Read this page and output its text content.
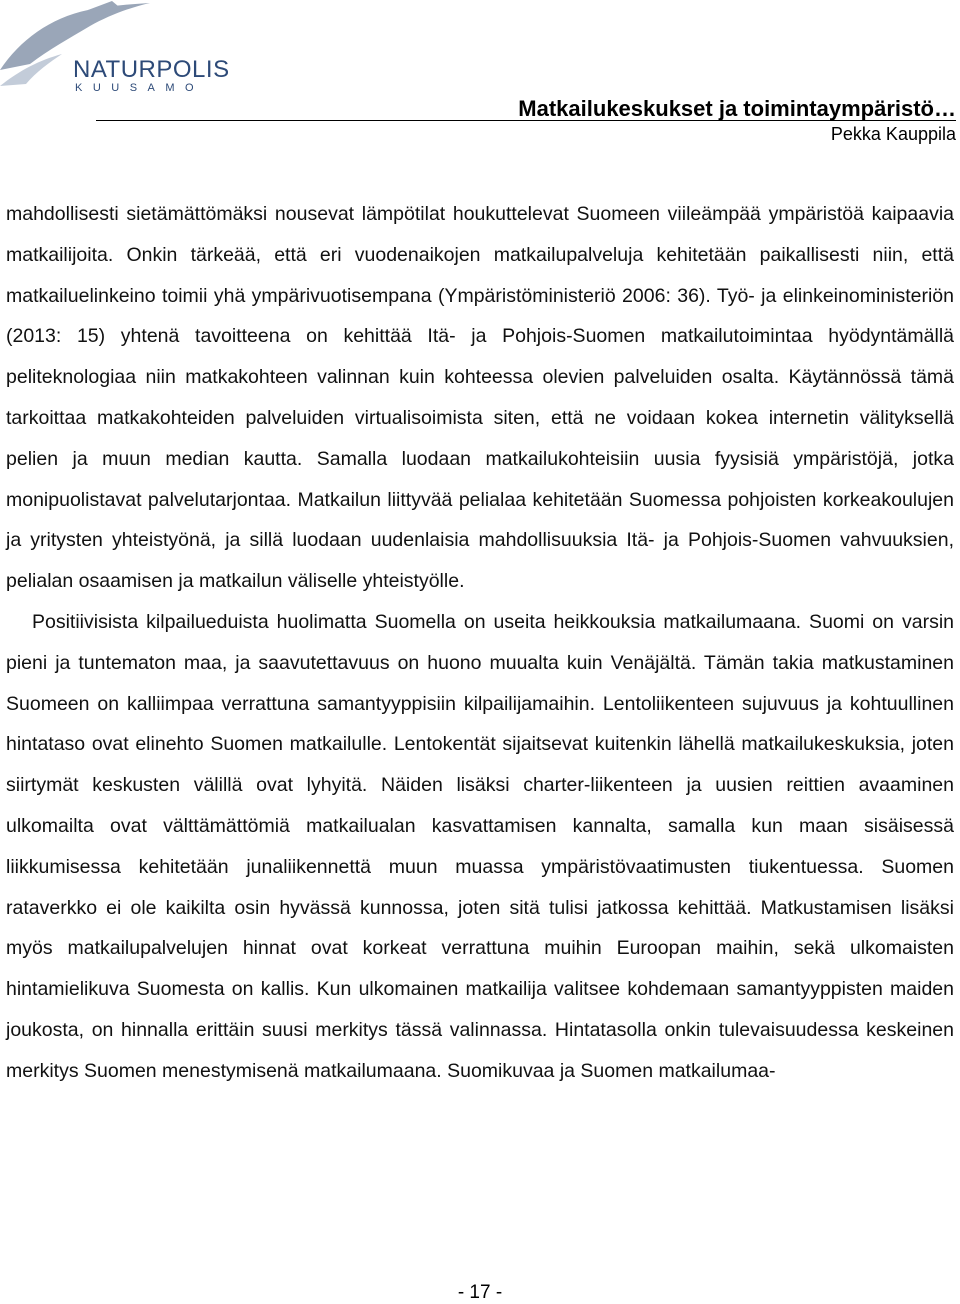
NATURPOLIS
KUUSAMO
Matkailukeskukset ja toimintaympäristö…
Pekka Kauppila

mahdollisesti sietämättömäksi nousevat lämpötilat houkuttelevat Suomeen viileämpää ympäristöä kaipaavia matkailijoita. Onkin tärkeää, että eri vuodenaikojen matkailupalveluja kehitetään paikallisesti niin, että matkailuelinkeino toimii yhä ympärivuotisempana (Ympäristöministeriö 2006: 36). Työ- ja elinkeinoministeriön (2013: 15) yhtenä tavoitteena on kehittää Itä- ja Pohjois-Suomen matkailutoimintaa hyödyntämällä peliteknologiaa niin matkakohteen valinnan kuin kohteessa olevien palveluiden osalta. Käytännössä tämä tarkoittaa matkakohteiden palveluiden virtualisoimista siten, että ne voidaan kokea internetin välityksellä pelien ja muun median kautta. Samalla luodaan matkailukohteisiin uusia fyysisiä ympäristöjä, jotka monipuolistavat palvelutarjontaa. Matkailun liittyvää pelialaa kehitetään Suomessa pohjoisten korkeakoulujen ja yritysten yhteistyönä, ja sillä luodaan uudenlaisia mahdollisuuksia Itä- ja Pohjois-Suomen vahvuuksien, pelialan osaamisen ja matkailun väliselle yhteistyölle.

Positiivisista kilpailueduista huolimatta Suomella on useita heikkouksia matkailumaana. Suomi on varsin pieni ja tuntematon maa, ja saavutettavuus on huono muualta kuin Venäjältä. Tämän takia matkustaminen Suomeen on kalliimpaa verrattuna samantyyppisiin kilpailijamaihin. Lentoliikenteen sujuvuus ja kohtuullinen hintataso ovat elinehto Suomen matkailulle. Lentokentät sijaitsevat kuitenkin lähellä matkailukeskuksia, joten siirtymät keskusten välillä ovat lyhyitä. Näiden lisäksi charter-liikenteen ja uusien reittien avaaminen ulkomailta ovat välttämättömiä matkailualan kasvattamisen kannalta, samalla kun maan sisäisessä liikkumisessa kehitetään junaliikennettä muun muassa ympäristövaatimusten tiukentuessa. Suomen rataverkko ei ole kaikilta osin hyvässä kunnossa, joten sitä tulisi jatkossa kehittää. Matkustamisen lisäksi myös matkailupalvelujen hinnat ovat korkeat verrattuna muihin Euroopan maihin, sekä ulkomaisten hintamielikuva Suomesta on kallis. Kun ulkomainen matkailija valitsee kohdemaan samantyyppisten maiden joukosta, on hinnalla erittäin suusi merkitys tässä valinnassa. Hintatasolla onkin tulevaisuudessa keskeinen merkitys Suomen menestymisenä matkailumaana. Suomikuvaa ja Suomen matkailumaa-

- 17 -
